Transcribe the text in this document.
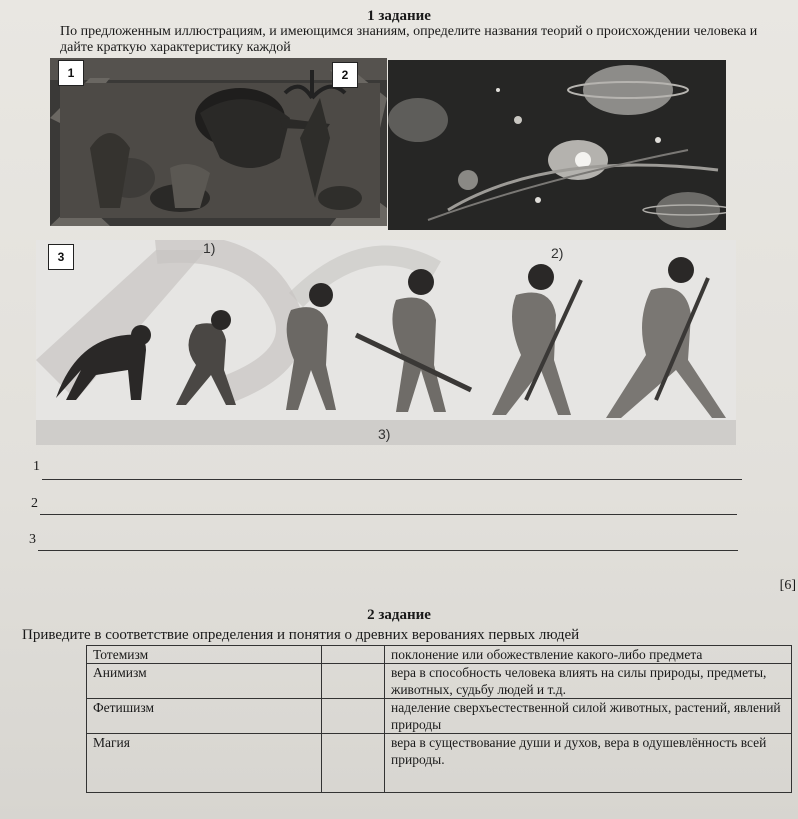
1 задание
По предложенным иллюстрациям, и имеющимся знаниям, определите названия теорий о происхождении человека и дайте краткую характеристику каждой
1	2
3
1)	2)
3)
1
2
3
[6]
2 задание
Приведите в соответствие определения и понятия о древних верованиях первых людей
Тотемизм		поклонение или обожествление какого-либо предмета
Анимизм		вера в способность человека влиять на силы природы, предметы, животных, судьбу людей и т.д.
Фетишизм		наделение сверхъестественной силой животных, растений, явлений природы
Магия		вера в существование души и духов, вера в одушевлённость всей природы.
